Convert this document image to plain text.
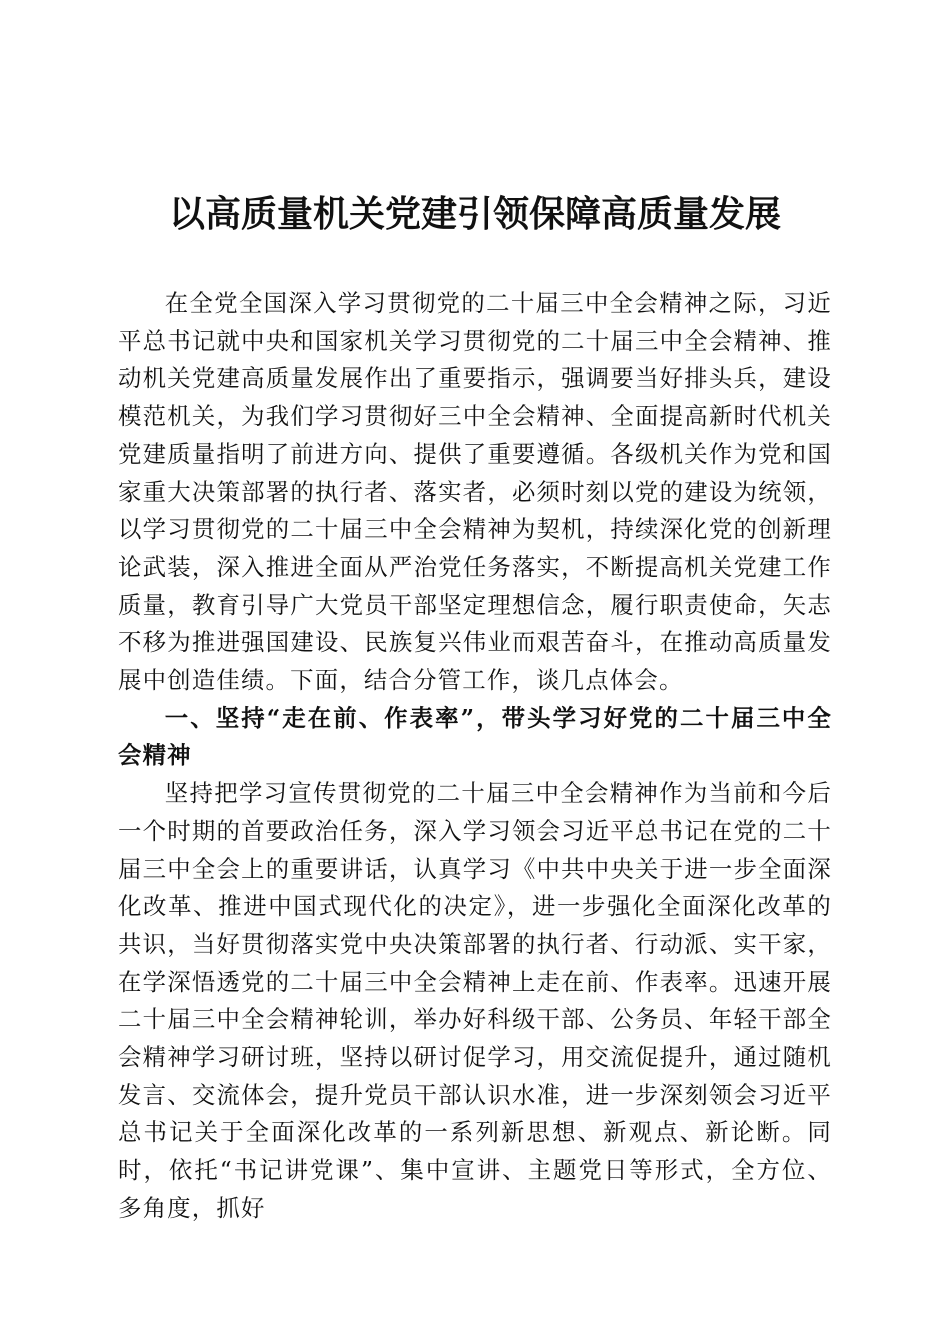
以高质量机关党建引领保障高质量发展

在全党全国深入学习贯彻党的二十届三中全会精神之际，习近平总书记就中央和国家机关学习贯彻党的二十届三中全会精神、推动机关党建高质量发展作出了重要指示，强调要当好排头兵，建设模范机关，为我们学习贯彻好三中全会精神、全面提高新时代机关党建质量指明了前进方向、提供了重要遵循。各级机关作为党和国家重大决策部署的执行者、落实者，必须时刻以党的建设为统领，以学习贯彻党的二十届三中全会精神为契机，持续深化党的创新理论武装，深入推进全面从严治党任务落实，不断提高机关党建工作质量，教育引导广大党员干部坚定理想信念，履行职责使命，矢志不移为推进强国建设、民族复兴伟业而艰苦奋斗，在推动高质量发展中创造佳绩。下面，结合分管工作，谈几点体会。

一、坚持“走在前、作表率”，带头学习好党的二十届三中全会精神

坚持把学习宣传贯彻党的二十届三中全会精神作为当前和今后一个时期的首要政治任务，深入学习领会习近平总书记在党的二十届三中全会上的重要讲话，认真学习《中共中央关于进一步全面深化改革、推进中国式现代化的决定》，进一步强化全面深化改革的共识，当好贯彻落实党中央决策部署的执行者、行动派、实干家，在学深悟透党的二十届三中全会精神上走在前、作表率。迅速开展二十届三中全会精神轮训，举办好科级干部、公务员、年轻干部全会精神学习研讨班，坚持以研讨促学习，用交流促提升，通过随机发言、交流体会，提升党员干部认识水准，进一步深刻领会习近平总书记关于全面深化改革的一系列新思想、新观点、新论断。同时，依托“书记讲党课”、集中宣讲、主题党日等形式，全方位、多角度，抓好
